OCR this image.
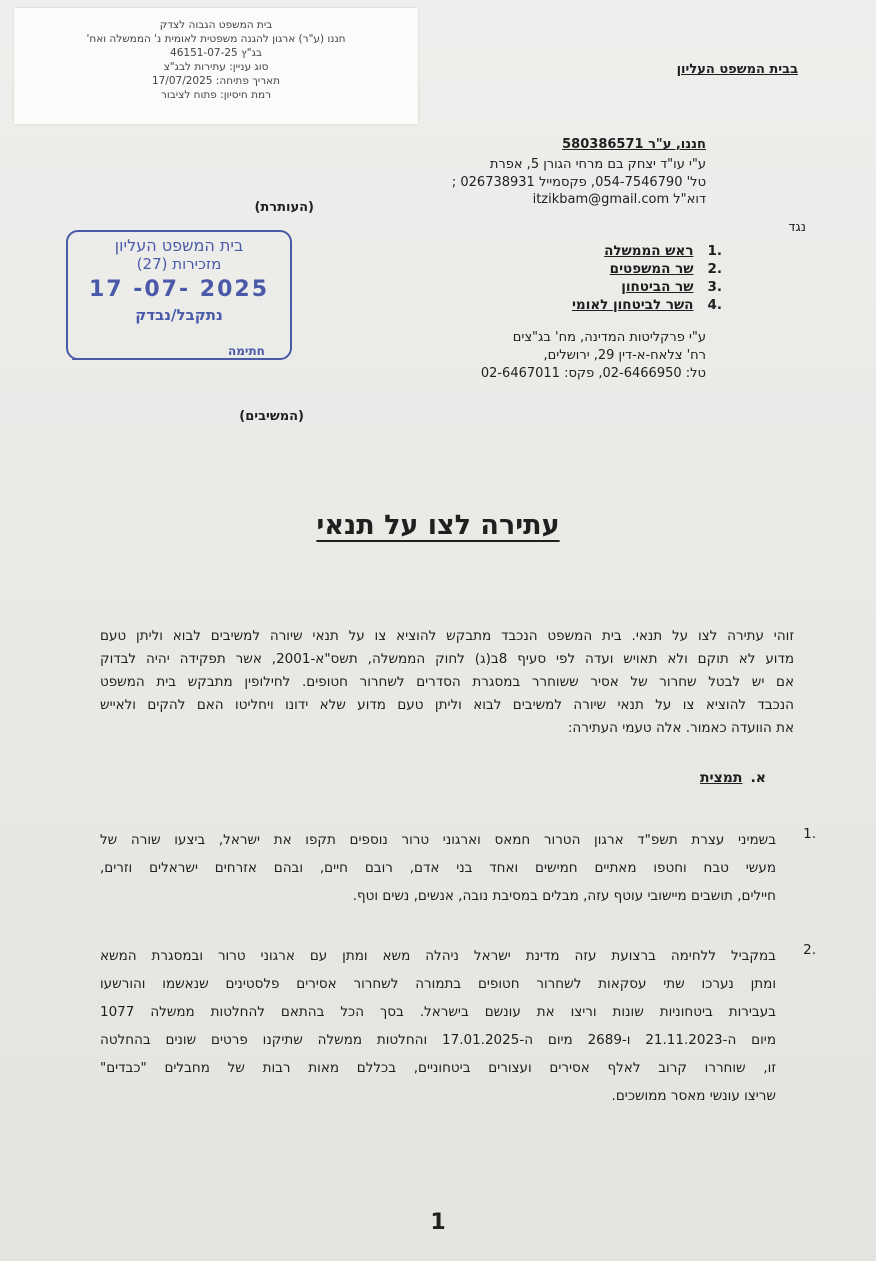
בית המשפט הגבוה לצדק
חננו (ע"ר) ארגון להגנה משפטית לאומית נ' הממשלה ואח'
בג"ץ 46151-07-25
סוג עניין: עתירות לבג"צ
תאריך פתיחה: 17/07/2025
רמת חיסיון: פתוח לציבור
בבית המשפט העליון
חננו, ע"ר 580386571
ע"י עו"ד יצחק בם מרחי הגורן 5, אפרת
טל' 054-7546790, פקסמייל 026738931 ;
דוא"ל itzikbam@gmail.com
(העותרת)
נגד
.1
ראש הממשלה
.2
שר המשפטים
.3
שר הביטחון
.4
השר לביטחון לאומי
ע"י פרקליטות המדינה, מח' בג"צים
רח' צלאח-א-דין 29, ירושלים,
טל: 02-6466950, פקס: 02-6467011
(המשיבים)
בית המשפט העליון
מזכירות (27)
17 -07- 2025
נתקבל/נבדק
חתימה
עתירה לצו על תנאי
זוהי עתירה לצו על תנאי. בית המשפט הנכבד מתבקש להוציא צו על תנאי שיורה למשיבים לבוא וליתן טעם
מדוע לא תוקם ולא תאויש ועדה לפי סעיף 8ב(ג) לחוק הממשלה, תשס"א-2001, אשר תפקידה יהיה לבדוק
אם יש לבטל שחרור של אסיר ששוחרר במסגרת הסדרים לשחרור חטופים. לחילופין מתבקש בית המשפט
הנכבד להוציא צו על תנאי שיורה למשיבים לבוא וליתן טעם מדוע שלא ידונו ויחליטו האם להקים ולאייש
את הוועדה כאמור. אלה טעמי העתירה:
א.
תמצית
.1
בשמיני עצרת תשפ"ד ארגון הטרור חמאס וארגוני טרור נוספים תקפו את ישראל, ביצעו שורה של
מעשי טבח וחטפו מאתיים חמישים ואחד בני אדם, רובם חיים, ובהם אזרחים ישראלים וזרים,
חיילים, תושבים מיישובי עוטף עזה, מבלים במסיבת נובה, אנשים, נשים וטף.
.2
במקביל ללחימה ברצועת עזה מדינת ישראל ניהלה משא ומתן עם ארגוני טרור ובמסגרת המשא
ומתן נערכו שתי עסקאות לשחרור חטופים בתמורה לשחרור אסירים פלסטינים שנאשמו והורשעו
בעבירות ביטחוניות שונות וריצו את עונשם בישראל. בסך הכל בהתאם להחלטות ממשלה 1077
מיום ה-21.11.2023 ו-2689 מיום ה-17.01.2025 והחלטות ממשלה שתיקנו פרטים שונים בהחלטה
זו, שוחררו קרוב לאלף אסירים ועצורים ביטחוניים, בכללם מאות רבות של מחבלים "כבדים"
שריצו עונשי מאסר ממושכים.
1
